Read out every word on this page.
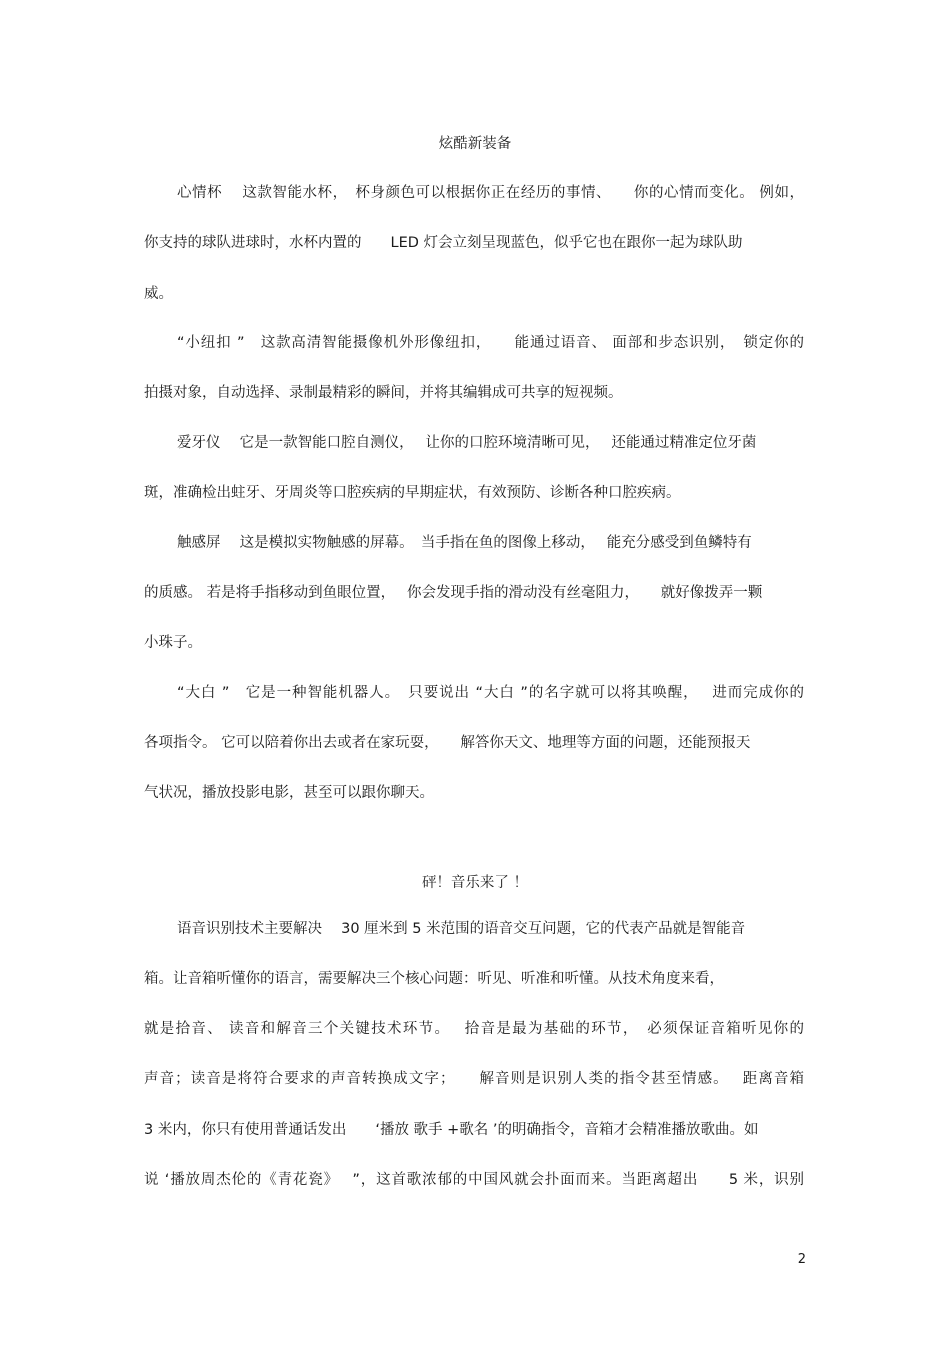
炫酷新装备
心情杯　 这款智能水杯，　杯身颜色可以根据你正在经历的事情、　　你的心情而变化。 例如，
你支持的球队进球时，水杯内置的　　LED 灯会立刻呈现蓝色，似乎它也在跟你一起为球队助
威。
“小纽扣 ”　这款高清智能摄像机外形像纽扣，　　能通过语音、 面部和步态识别，　锁定你的
拍摄对象，自动选择、录制最精彩的瞬间，并将其编辑成可共享的短视频。
爱牙仪　 它是一款智能口腔自测仪，　 让你的口腔环境清晰可见，　 还能通过精准定位牙菌
斑，准确检出蛀牙、牙周炎等口腔疾病的早期症状，有效预防、诊断各种口腔疾病。
触感屏　 这是模拟实物触感的屏幕。　当手指在鱼的图像上移动，　 能充分感受到鱼鳞特有
的质感。 若是将手指移动到鱼眼位置，　 你会发现手指的滑动没有丝毫阻力，　　就好像拨弄一颗
小珠子。
“大白 ”　它是一种智能机器人。　只要说出 “大白 ”的名字就可以将其唤醒，　 进而完成你的
各项指令。 它可以陪着你出去或者在家玩耍，　　解答你天文、地理等方面的问题，还能预报天
气状况，播放投影电影，甚至可以跟你聊天。
砰！音乐来了 ！
语音识别技术主要解决　 30 厘米到 5 米范围的语音交互问题，它的代表产品就是智能音
箱。让音箱听懂你的语言，需要解决三个核心问题：听见、听准和听懂。从技术角度来看，
就是拾音、 读音和解音三个关键技术环节。　 拾音是最为基础的环节，　必须保证音箱听见你的
声音；读音是将符合要求的声音转换成文字；　　解音则是识别人类的指令甚至情感。　 距离音箱
3 米内，你只有使用普通话发出　　‘播放 歌手 +歌名 ’的明确指令，音箱才会精准播放歌曲。如
说 ‘播放周杰伦的《青花瓷》　 ”，这首歌浓郁的中国风就会扑面而来。当距离超出　　5 米，识别
2
